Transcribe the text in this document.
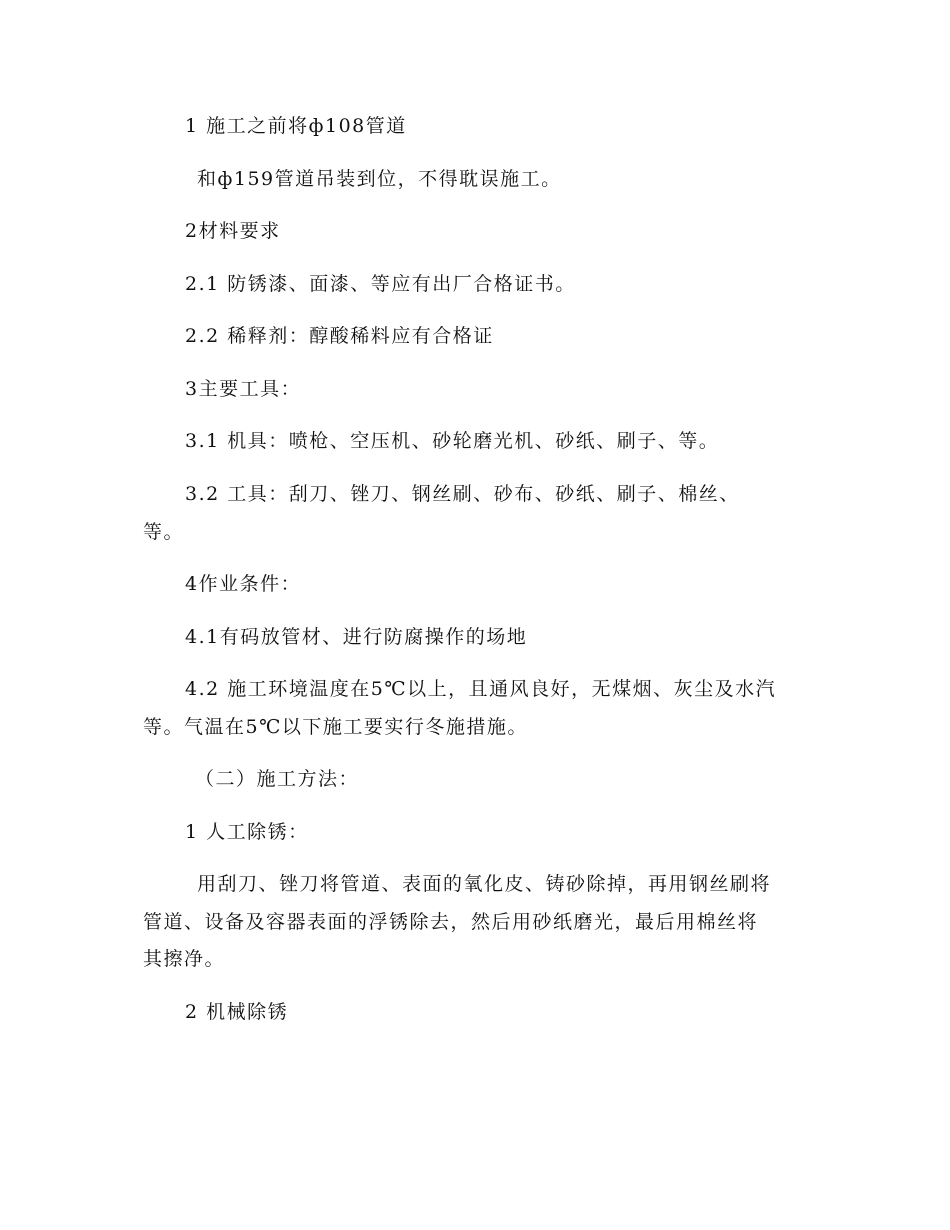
1 施工之前将ф108管道
和ф159管道吊装到位，不得耽误施工。
2材料要求
2.1 防锈漆、面漆、等应有出厂合格证书。
2.2 稀释剂：醇酸稀料应有合格证
3主要工具：
3.1 机具：喷枪、空压机、砂轮磨光机、砂纸、刷子、等。
3.2 工具：刮刀、锉刀、钢丝刷、砂布、砂纸、刷子、棉丝、
等。
4作业条件：
4.1有码放管材、进行防腐操作的场地
4.2 施工环境温度在5℃以上，且通风良好，无煤烟、灰尘及水汽
等。气温在5℃以下施工要实行冬施措施。
（二）施工方法：
1 人工除锈：
用刮刀、锉刀将管道、表面的氧化皮、铸砂除掉，再用钢丝刷将
管道、设备及容器表面的浮锈除去，然后用砂纸磨光，最后用棉丝将
其擦净。
2 机械除锈
